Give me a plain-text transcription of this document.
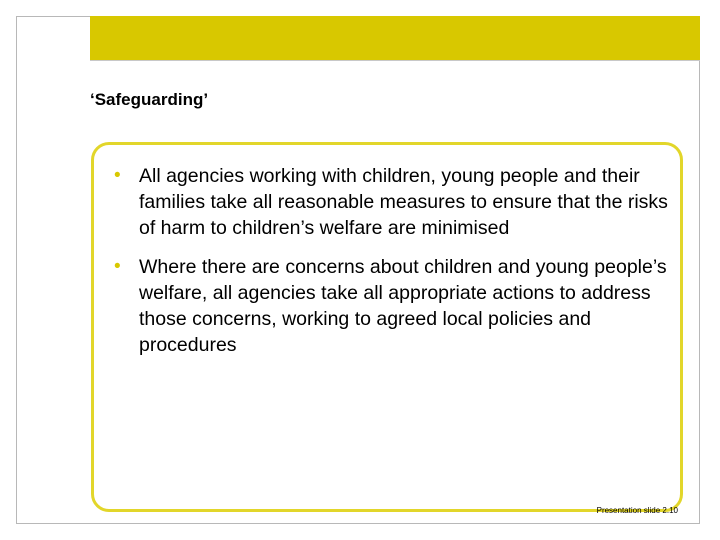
‘Safeguarding’
• All agencies working with children, young people and their families take all reasonable measures to ensure that the risks of harm to children’s welfare are minimised
• Where there are concerns about children and young people’s welfare, all agencies take all appropriate actions to address those concerns, working to agreed local policies and procedures
Presentation slide 2.10
